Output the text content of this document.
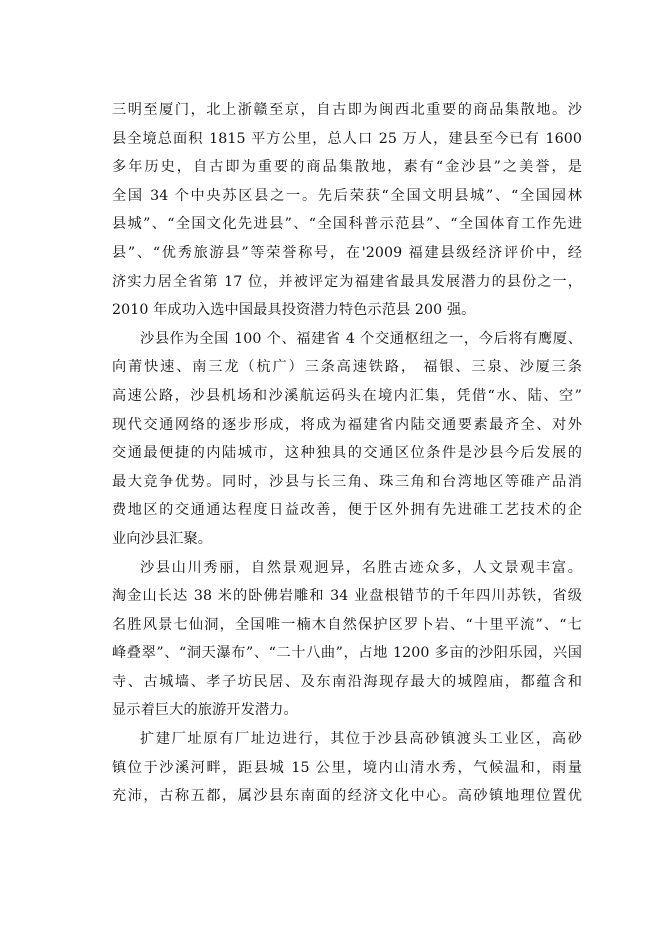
三明至厦门，北上浙赣至京，自古即为闽西北重要的商品集散地。沙
县全境总面积 1815 平方公里，总人口 25 万人，建县至今已有 1600
多年历史，自古即为重要的商品集散地，素有“金沙县”之美誉，是
全国 34 个中央苏区县之一。先后荣获“全国文明县城”、“全国园林
县城”、“全国文化先进县”、“全国科普示范县”、“全国体育工作先进
县”、“优秀旅游县”等荣誉称号，在'2009 福建县级经济评价中，经
济实力居全省第 17 位，并被评定为福建省最具发展潜力的县份之一，
2010 年成功入选中国最具投资潜力特色示范县 200 强。
沙县作为全国 100 个、福建省 4 个交通枢纽之一，今后将有鹰厦、
向莆快速、南三龙（杭广）三条高速铁路， 福银、三泉、沙厦三条
高速公路，沙县机场和沙溪航运码头在境内汇集，凭借“水、陆、空”
现代交通网络的逐步形成，将成为福建省内陆交通要素最齐全、对外
交通最便捷的内陆城市，这种独具的交通区位条件是沙县今后发展的
最大竞争优势。同时，沙县与长三角、珠三角和台湾地区等碓产品消
费地区的交通通达程度日益改善，便于区外拥有先进碓工艺技术的企
业向沙县汇聚。
沙县山川秀丽，自然景观迥异，名胜古迹众多，人文景观丰富。
淘金山长达 38 米的卧佛岩雕和 34 业盘根错节的千年四川苏铁，省级
名胜风景七仙洞，全国唯一楠木自然保护区罗卜岩、“十里平流”、“七
峰叠翠”、“洞天瀑布”、“二十八曲”，占地 1200 多亩的沙阳乐园，兴国
寺、古城墙、孝子坊民居、及东南沿海现存最大的城隍庙，都蕴含和
显示着巨大的旅游开发潜力。
扩建厂址原有厂址边进行，其位于沙县高砂镇渡头工业区，高砂
镇位于沙溪河畔，距县城 15 公里，境内山清水秀，气候温和，雨量
充沛，古称五都，属沙县东南面的经济文化中心。高砂镇地理位置优
